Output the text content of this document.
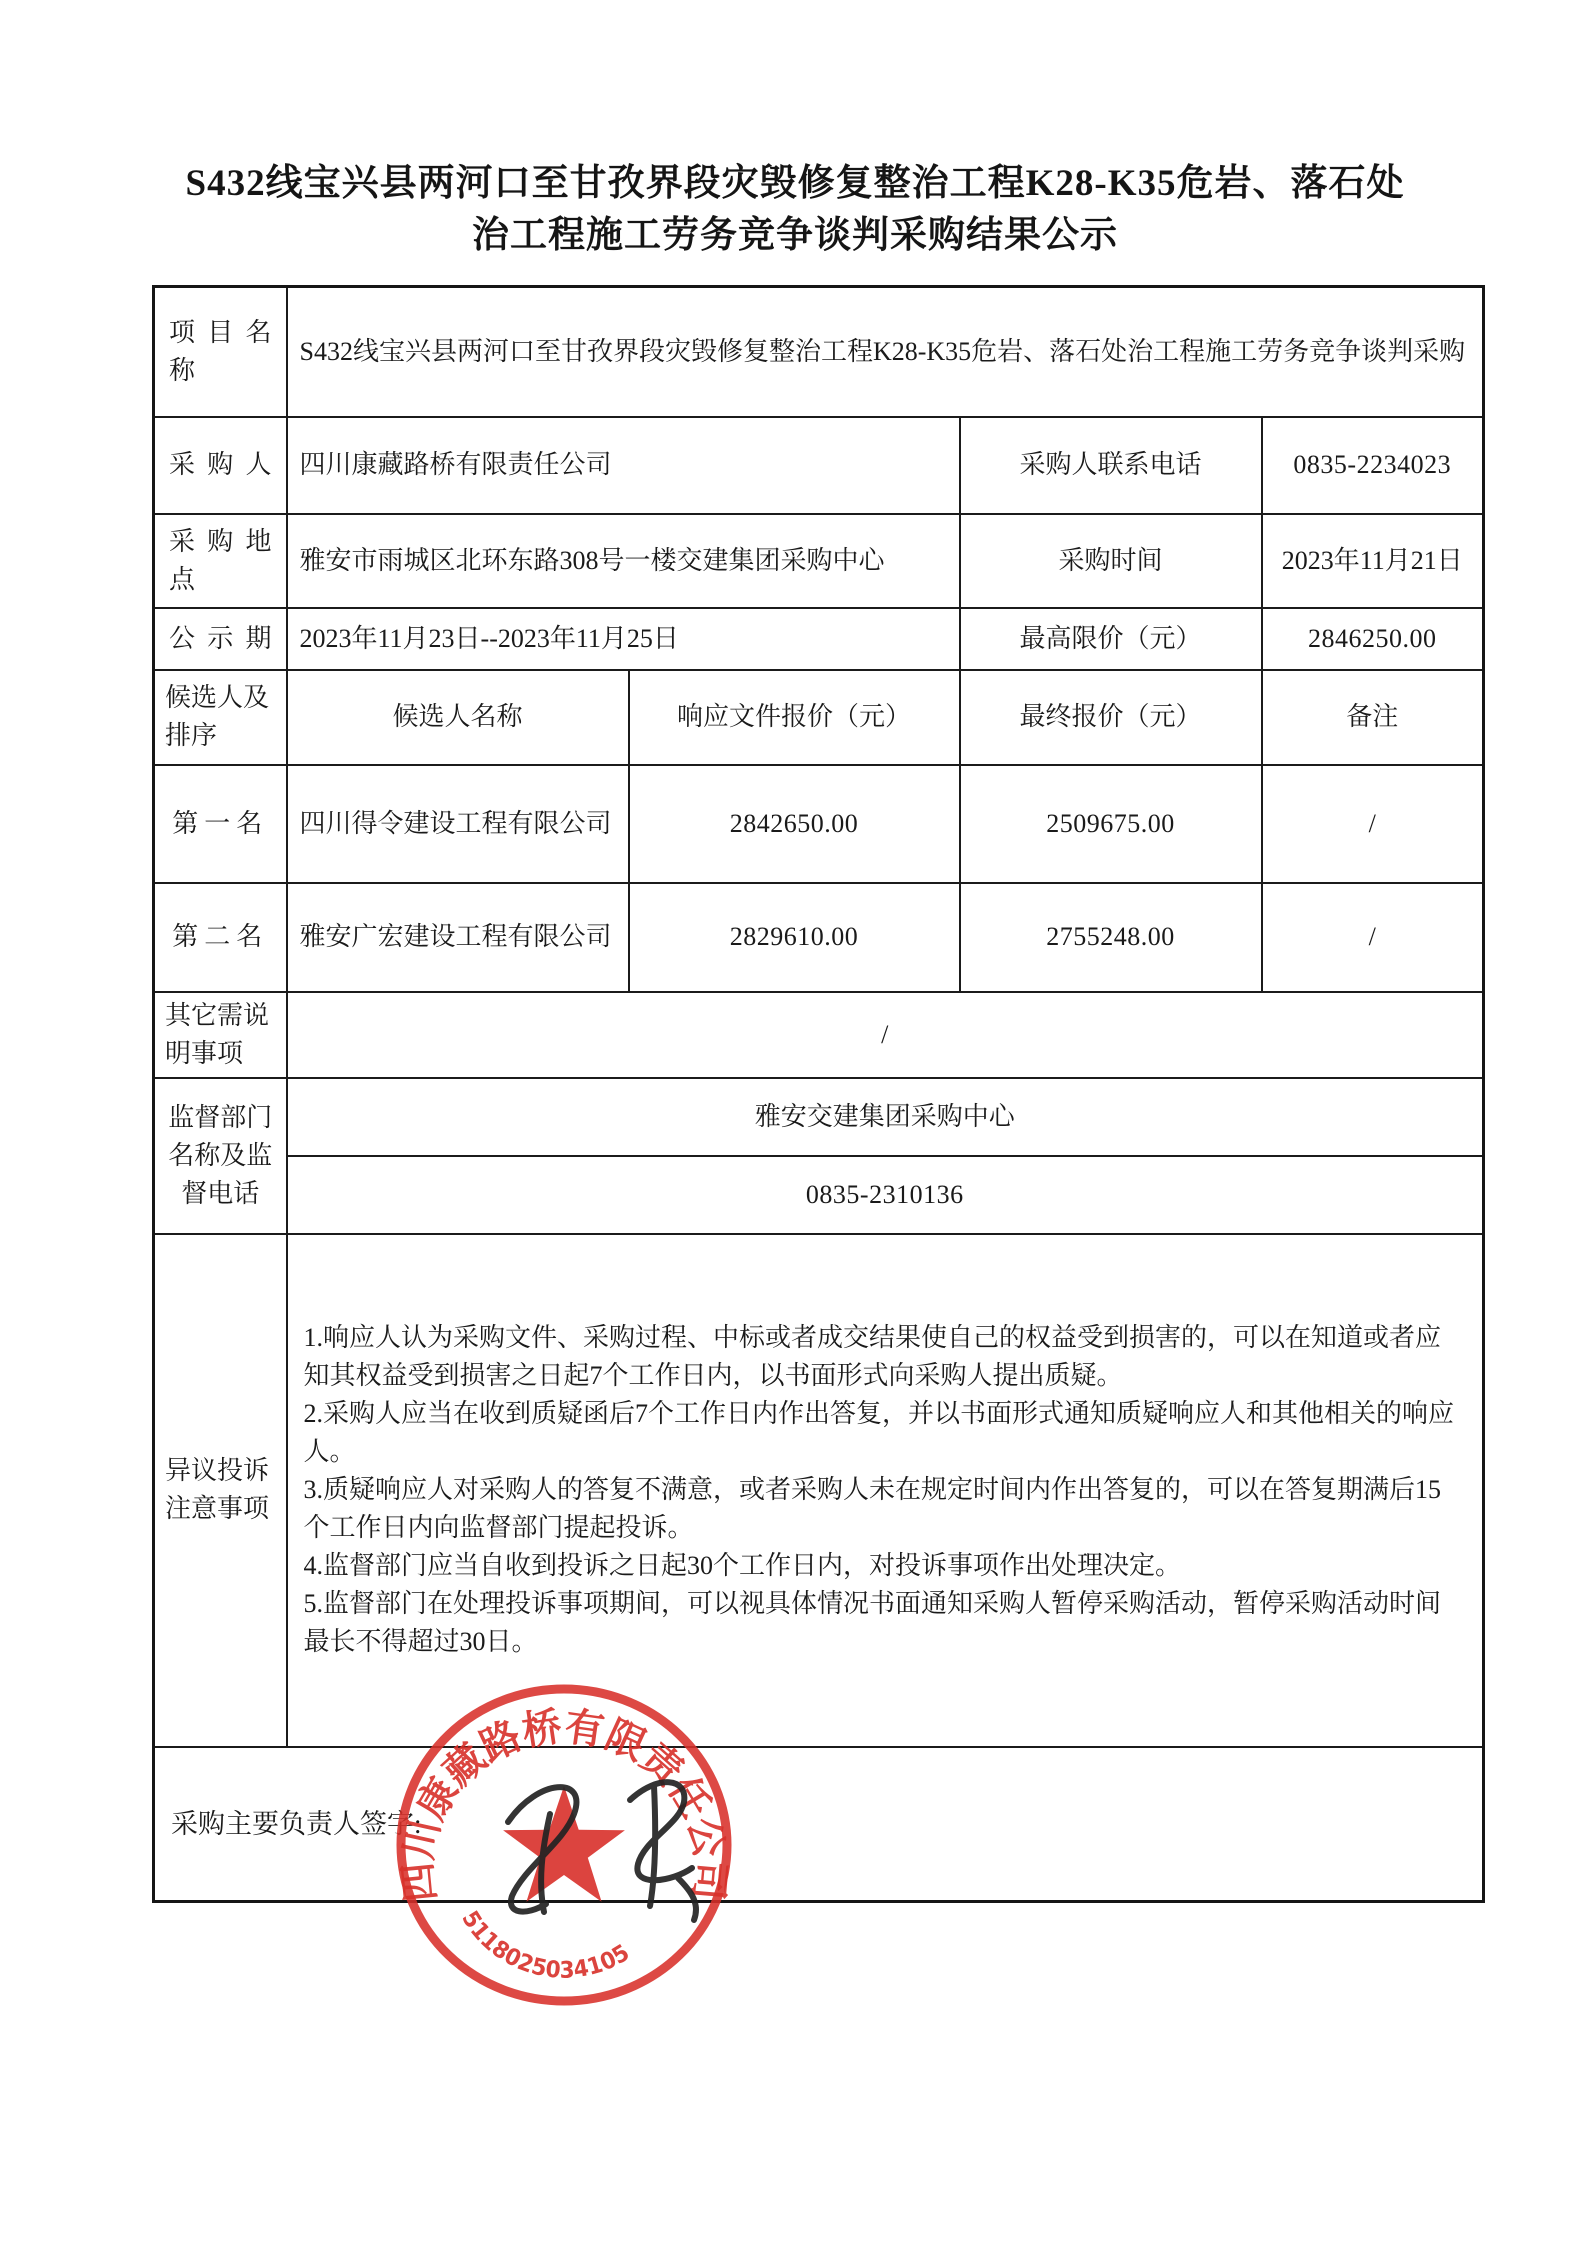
S432线宝兴县两河口至甘孜界段灾毁修复整治工程K28-K35危岩、落石处
治工程施工劳务竞争谈判采购结果公示
项目名称	S432线宝兴县两河口至甘孜界段灾毁修复整治工程K28-K35危岩、落石处治工程施工劳务竞争谈判采购			
采购人	四川康藏路桥有限责任公司		采购人联系电话	0835-2234023
采购地点	雅安市雨城区北环东路308号一楼交建集团采购中心		采购时间	2023年11月21日
公示期	2023年11月23日--2023年11月25日		最高限价（元）	2846250.00
候选人及排序	候选人名称	响应文件报价（元）	最终报价（元）	备注
第一名	四川得令建设工程有限公司	2842650.00	2509675.00	/
第二名	雅安广宏建设工程有限公司	2829610.00	2755248.00	/
其它需说明事项	/			
监督部门名称及监督电话	雅安交建集团采购中心			
	0835-2310136			
异议投诉注意事项	1.响应人认为采购文件、采购过程、中标或者成交结果使自己的权益受到损害的，可以在知道或者应知其权益受到损害之日起7个工作日内，以书面形式向采购人提出质疑。
2.采购人应当在收到质疑函后7个工作日内作出答复，并以书面形式通知质疑响应人和其他相关的响应人。
3.质疑响应人对采购人的答复不满意，或者采购人未在规定时间内作出答复的，可以在答复期满后15个工作日内向监督部门提起投诉。
4.监督部门应当自收到投诉之日起30个工作日内，对投诉事项作出处理决定。
5.监督部门在处理投诉事项期间，可以视具体情况书面通知采购人暂停采购活动，暂停采购活动时间最长不得超过30日。			

采购主要负责人签字:				
四川康藏路桥有限责任公司
5118025034105
